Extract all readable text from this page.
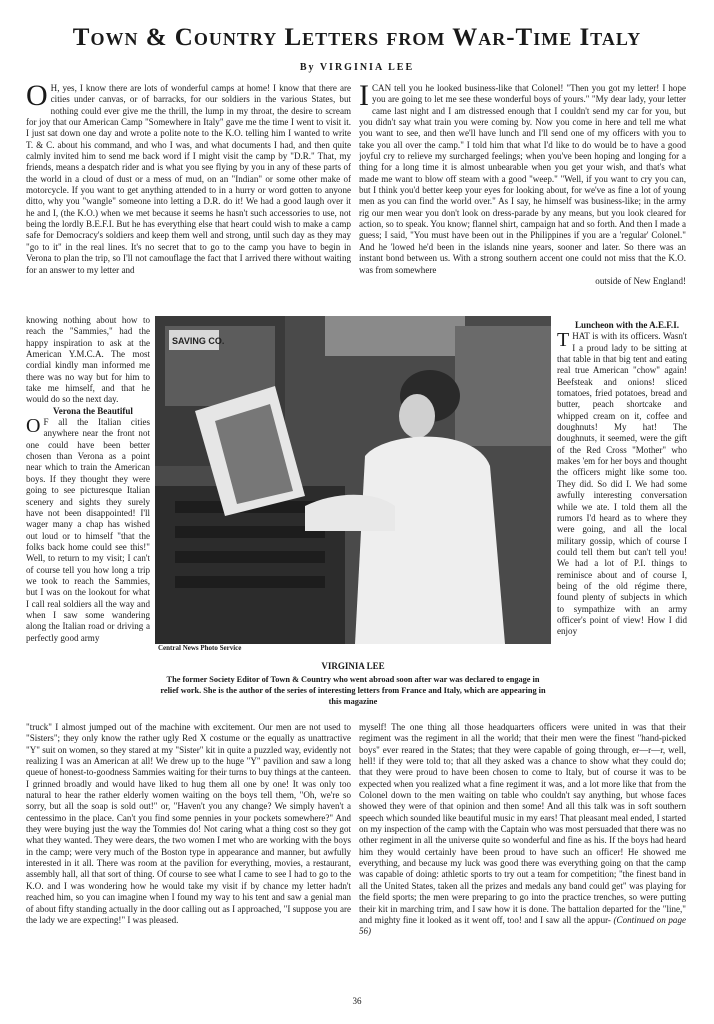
Town & Country Letters from War-Time Italy
By VIRGINIA LEE

O H, yes, I know there are lots of wonderful camps at home! I know that there are cities under canvas, or of barracks, for our soldiers in the various States, but nothing could ever give me the thrill, the lump in my throat, the desire to scream for joy that our American Camp "Somewhere in Italy" gave me the time I went to visit it. I just sat down one day and wrote a polite note to the K.O. telling him I wanted to write T. & C. about his command, and who I was, and what documents I had, and then quite calmly invited him to send me back word if I might visit the camp by "D.R." That, my friends, means a despatch rider and is what you see flying by you in any of these parts of the world in a cloud of dust or a mess of mud, on an "Indian" or some other make of motorcycle. If you want to get anything attended to in a hurry or word gotten to anyone ditto, why you "wangle" someone into letting a D.R. do it! We had a good laugh over it he and I, (the K.O.) when we met because it seems he hasn't such accessories to use, not being the lordly B.E.F.I. But he has everything else that heart could wish to make a camp safe for Democracy's soldiers and keep them well and strong, until such day as they may "go to it" in the real lines. It's no secret that to go to the camp you have to begin in Verona to plan the trip, so I'll not camouflage the fact that I arrived there without waiting for an answer to my letter and

ICAN tell you he looked business-like that Colonel! "Then you got my letter! I hope you are going to let me see these wonderful boys of yours." "My dear lady, your letter came last night and I am distressed enough that I couldn't send my car for you, but you didn't say what train you were coming by. Now you come in here and tell me what you want to see, and then we'll have lunch and I'll send one of my officers with you to take you all over the camp." I told him that what I'd like to do would be to have a good joyful cry to relieve my surcharged feelings; when you've been hoping and longing for a thing for a long time it is almost unbearable when you get your wish, and that's what made me want to blow off steam with a good "weep." "Well, if you want to cry you can, but I think you'd better keep your eyes for looking about, for we've as fine a lot of young men as you can find the world over." As I say, he himself was business-like; in the army rig our men wear you don't look on dress-parade by any means, but you look cleared for action, so to speak. You know; flannel shirt, campaign hat and so forth. And then I made a guess; I said, "You must have been out in the Philippines if you are a 'regular' Colonel." And he 'lowed he'd been in the islands nine years, sooner and later. So there was an instant bond between us. With a strong southern accent one could not miss that the K.O. was from somewhere

outside of New England!

knowing nothing about how to reach the "Sammies," had the happy inspiration to ask at the American Y.M.C.A. The most cordial kindly man informed me there was no way but for him to take me himself, and that he would do so the next day.

Verona the Beautiful

O F all the Italian cities anywhere near the front not one could have been better chosen than Verona as a point near which to train the American boys. If they thought they were going to see picturesque Italian scenery and sights they surely have not been disappointed! I'll wager many a chap has wished out loud or to himself "that the folks back home could see this!" Well, to return to my visit; I can't of course tell you how long a trip we took to reach the Sammies, but I was on the lookout for what I call real soldiers all the way and when I saw some wandering along the Italian road or driving a perfectly good army

SAVING CO.
Central News Photo Service
VIRGINIA LEE
The former Society Editor of Town & Country who went abroad soon after war was declared to engage in relief work. She is the author of the series of interesting letters from France and Italy, which are appearing in this magazine

Luncheon with the A.E.F.I.

THAT is with its officers. Wasn't I a proud lady to be sitting at that table in that big tent and eating real true American "chow" again! Beefsteak and onions! sliced tomatoes, fried potatoes, bread and butter, peach shortcake and whipped cream on it, coffee and doughnuts! My hat! The doughnuts, it seemed, were the gift of the Red Cross "Mother" who makes 'em for her boys and thought the officers might like some too. They did. So did I. We had some awfully interesting conversation while we ate. I told them all the rumors I'd heard as to where they were going, and all the local military gossip, which of course I could tell them but can't tell you! We had a lot of P.I. things to reminisce about and of course I, being of the old régime there, found plenty of subjects in which to sympathize with an army officer's point of view! How I did enjoy

"truck" I almost jumped out of the machine with excitement. Our men are not used to "Sisters"; they only know the rather ugly Red X costume or the equally as unattractive "Y" suit on women, so they stared at my "Sister" kit in quite a puzzled way, evidently not realizing I was an American at all! We drew up to the huge "Y" pavilion and saw a long queue of honest-to-goodness Sammies waiting for their turns to buy things at the canteen. I grinned broadly and would have liked to hug them all one by one! It was only too natural to hear the rather elderly women waiting on the boys tell them, "Oh, we're so sorry, but all the soap is sold out!" or, "Haven't you any change? We simply haven't a centessimo in the place. Can't you find some pennies in your pockets somewhere?" And they were buying just the way the Tommies do! Not caring what a thing cost so they got what they wanted. They were dears, the two women I met who are working with the boys in the camp; were very much of the Boston type in appearance and manner, but awfully interested in it all. There was room at the pavilion for everything, movies, a restaurant, assembly hall, all that sort of thing. Of course to see what I came to see I had to go to the K.O. and I was wondering how he would take my visit if by chance my letter hadn't reached him, so you can imagine when I found my way to his tent and saw a genial man of about fifty standing actually in the door calling out as I approached, "I suppose you are the lady we are expecting!" I was pleased.

myself! The one thing all those headquarters officers were united in was that their regiment was the regiment in all the world; that their men were the finest "hand-picked boys" ever reared in the States; that they were capable of going through, er—r—r, well, hell! if they were told to; that all they asked was a chance to show what they could do; that they were proud to have been chosen to come to Italy, but of course it was to be expected when you realized what a fine regiment it was, and a lot more like that from the Colonel down to the men waiting on table who couldn't say anything, but whose faces showed they were of that opinion and then some! And all this talk was in soft southern speech which sounded like beautiful music in my ears! That pleasant meal ended, I started on my inspection of the camp with the Captain who was most persuaded that there was no other regiment in all the universe quite so wonderful and fine as his. If the boys had heard him they would certainly have been proud to have such an officer! He showed me everything, and because my luck was good there was everything going on that the camp was capable of doing: athletic sports to try out a team for competition; "the finest band in all the United States, taken all the prizes and medals any band could get" was playing for the field sports; the men were preparing to go into the practice trenches, so were putting their kit in marching trim, and I saw how it is done. The battalion departed for the "line," and mighty fine it looked as it went off, too! and I saw all the appur- (Continued on page 56)

36
